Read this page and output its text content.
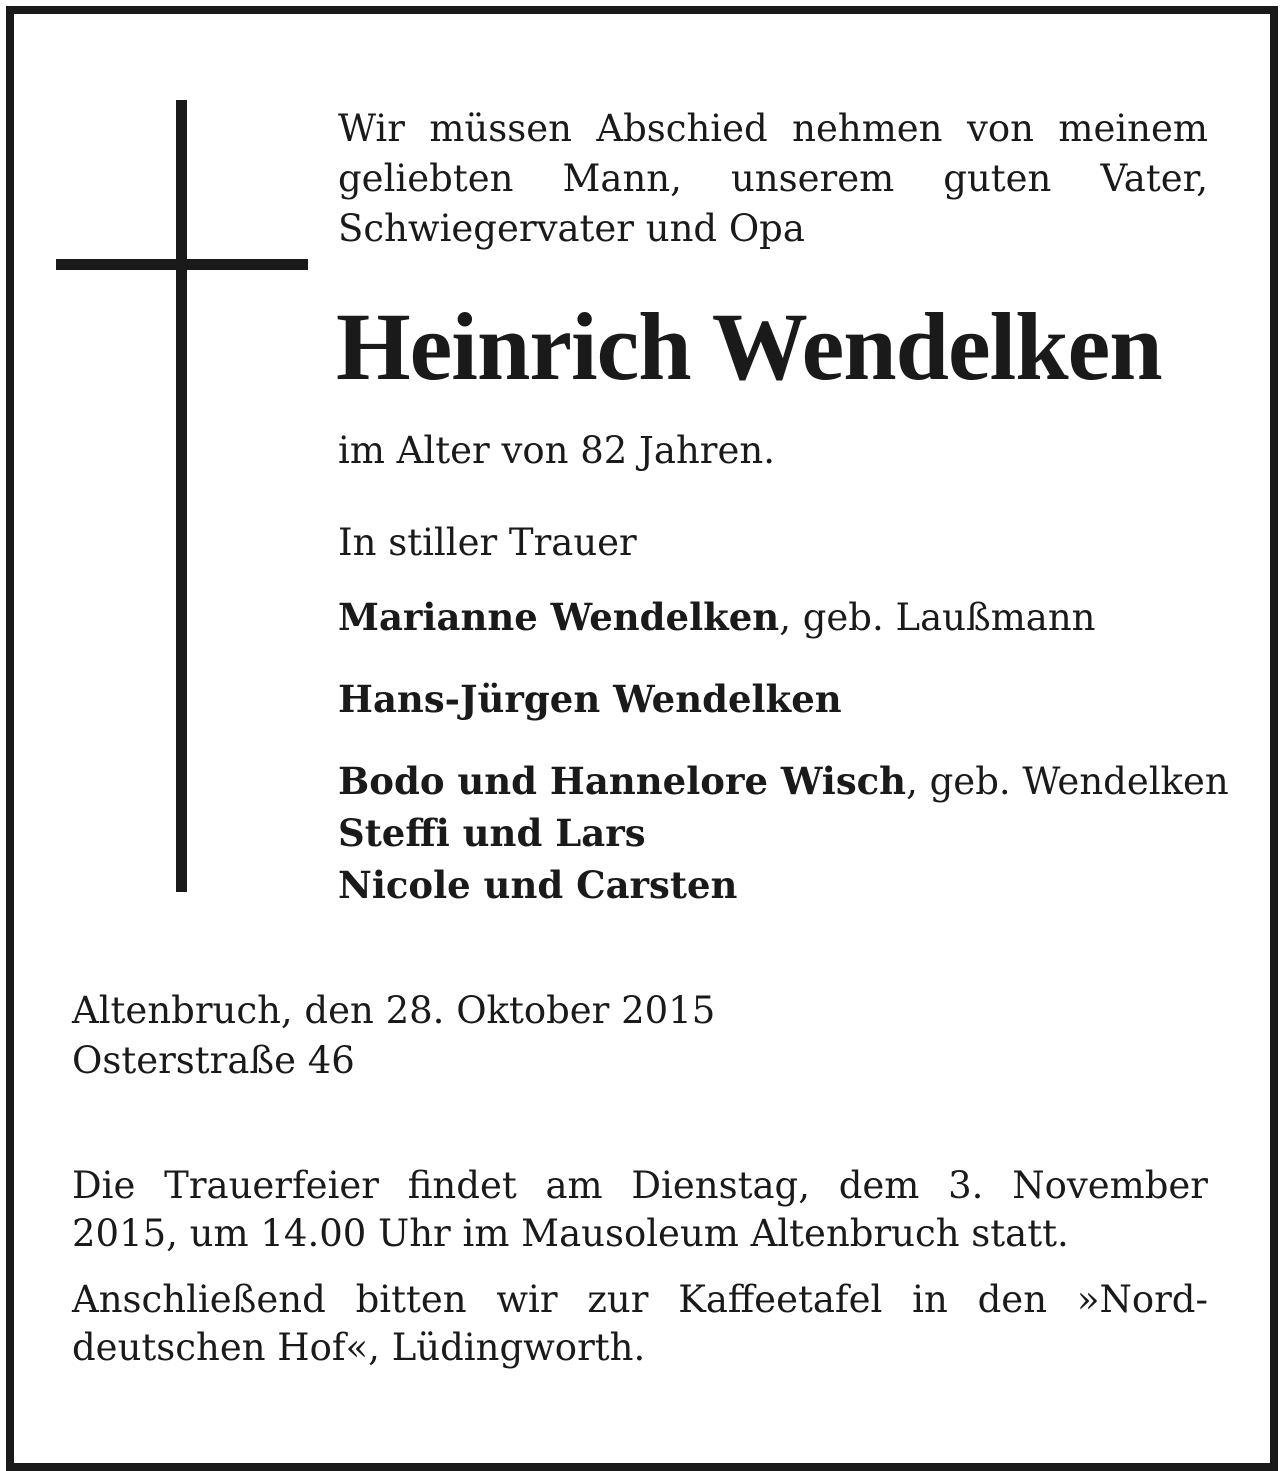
Wir müssen Abschied nehmen von meinem
geliebten Mann, unserem guten Vater,
Schwiegervater und Opa
Heinrich Wendelken
im Alter von 82 Jahren.
In stiller Trauer
Marianne Wendelken, geb. Laußmann
Hans-Jürgen Wendelken
Bodo und Hannelore Wisch, geb. Wendelken
Steffi und Lars
Nicole und Carsten
Altenbruch, den 28. Oktober 2015
Osterstraße 46
Die Trauerfeier findet am Dienstag, dem 3. November
2015, um 14.00 Uhr im Mausoleum Altenbruch statt.
Anschließend bitten wir zur Kaffeetafel in den »Nord-
deutschen Hof«, Lüdingworth.
